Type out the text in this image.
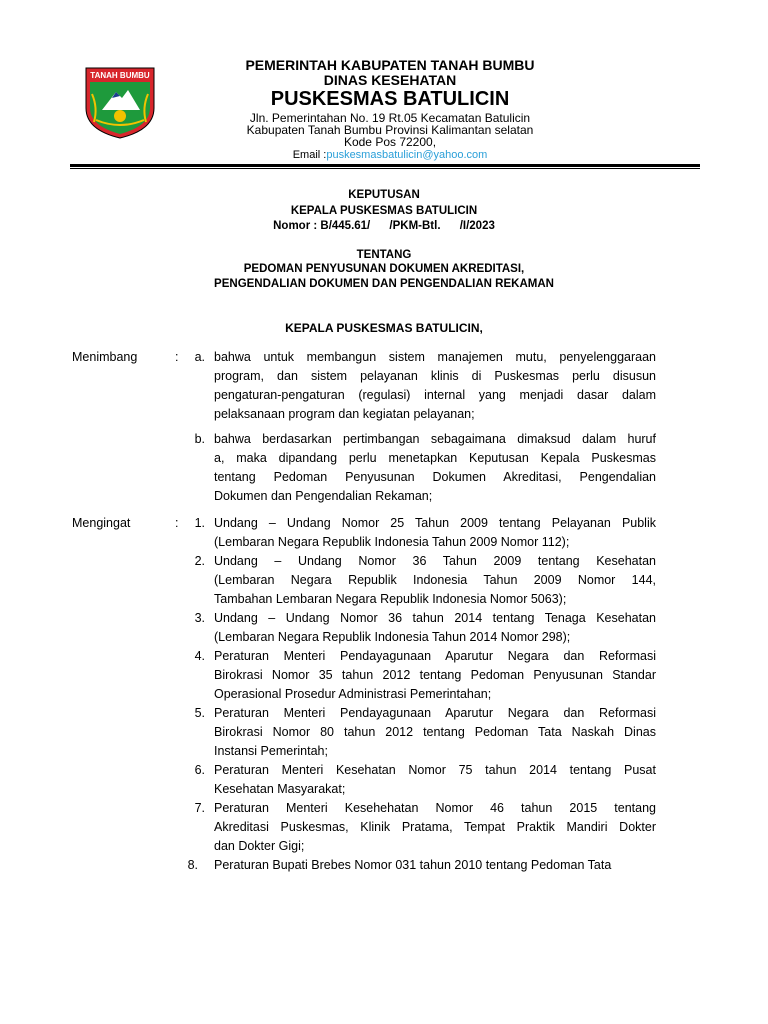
TANAH BUMBU
PEMERINTAH KABUPATEN TANAH BUMBU
DINAS KESEHATAN
PUSKESMAS BATULICIN
Jln. Pemerintahan No. 19 Rt.05 Kecamatan Batulicin
Kabupaten Tanah Bumbu Provinsi Kalimantan selatan
Kode Pos 72200,
Email :puskesmasbatulicin@yahoo.com
KEPUTUSAN
KEPALA PUSKESMAS BATULICIN
Nomor : B/445.61/      /PKM-Btl.      /I/2023
TENTANG
PEDOMAN PENYUSUNAN DOKUMEN AKREDITASI,
PENGENDALIAN DOKUMEN DAN PENGENDALIAN REKAMAN
KEPALA PUSKESMAS BATULICIN,
Menimbang	:	a. bahwa untuk membangun sistem manajemen mutu, penyelenggaraan
program, dan sistem pelayanan klinis di Puskesmas perlu disusun
pengaturan-pengaturan (regulasi) internal yang menjadi dasar dalam
pelaksanaan program dan kegiatan pelayanan;
b. bahwa berdasarkan pertimbangan sebagaimana dimaksud dalam huruf
a, maka dipandang perlu menetapkan Keputusan Kepala Puskesmas
tentang Pedoman Penyusunan Dokumen Akreditasi, Pengendalian
Dokumen dan Pengendalian Rekaman;
Mengingat	:	1. Undang – Undang Nomor 25 Tahun 2009 tentang Pelayanan Publik
(Lembaran Negara Republik Indonesia Tahun 2009 Nomor 112);
2. Undang – Undang Nomor 36 Tahun 2009 tentang Kesehatan
(Lembaran Negara Republik Indonesia Tahun 2009 Nomor 144,
Tambahan Lembaran Negara Republik Indonesia Nomor 5063);
3. Undang – Undang Nomor 36 tahun 2014 tentang Tenaga Kesehatan
(Lembaran Negara Republik Indonesia Tahun 2014 Nomor 298);
4. Peraturan Menteri Pendayagunaan Aparutur Negara dan Reformasi
Birokrasi Nomor 35 tahun 2012 tentang Pedoman Penyusunan Standar
Operasional Prosedur Administrasi Pemerintahan;
5. Peraturan Menteri Pendayagunaan Aparutur Negara dan Reformasi
Birokrasi Nomor 80 tahun 2012 tentang Pedoman Tata Naskah Dinas
Instansi Pemerintah;
6. Peraturan Menteri Kesehatan Nomor 75 tahun 2014 tentang Pusat
Kesehatan Masyarakat;
7. Peraturan Menteri Kesehehatan Nomor 46 tahun 2015 tentang
Akreditasi Puskesmas, Klinik Pratama, Tempat Praktik Mandiri Dokter
dan Dokter Gigi;
8. Peraturan Bupati Brebes Nomor 031 tahun 2010 tentang Pedoman Tata
